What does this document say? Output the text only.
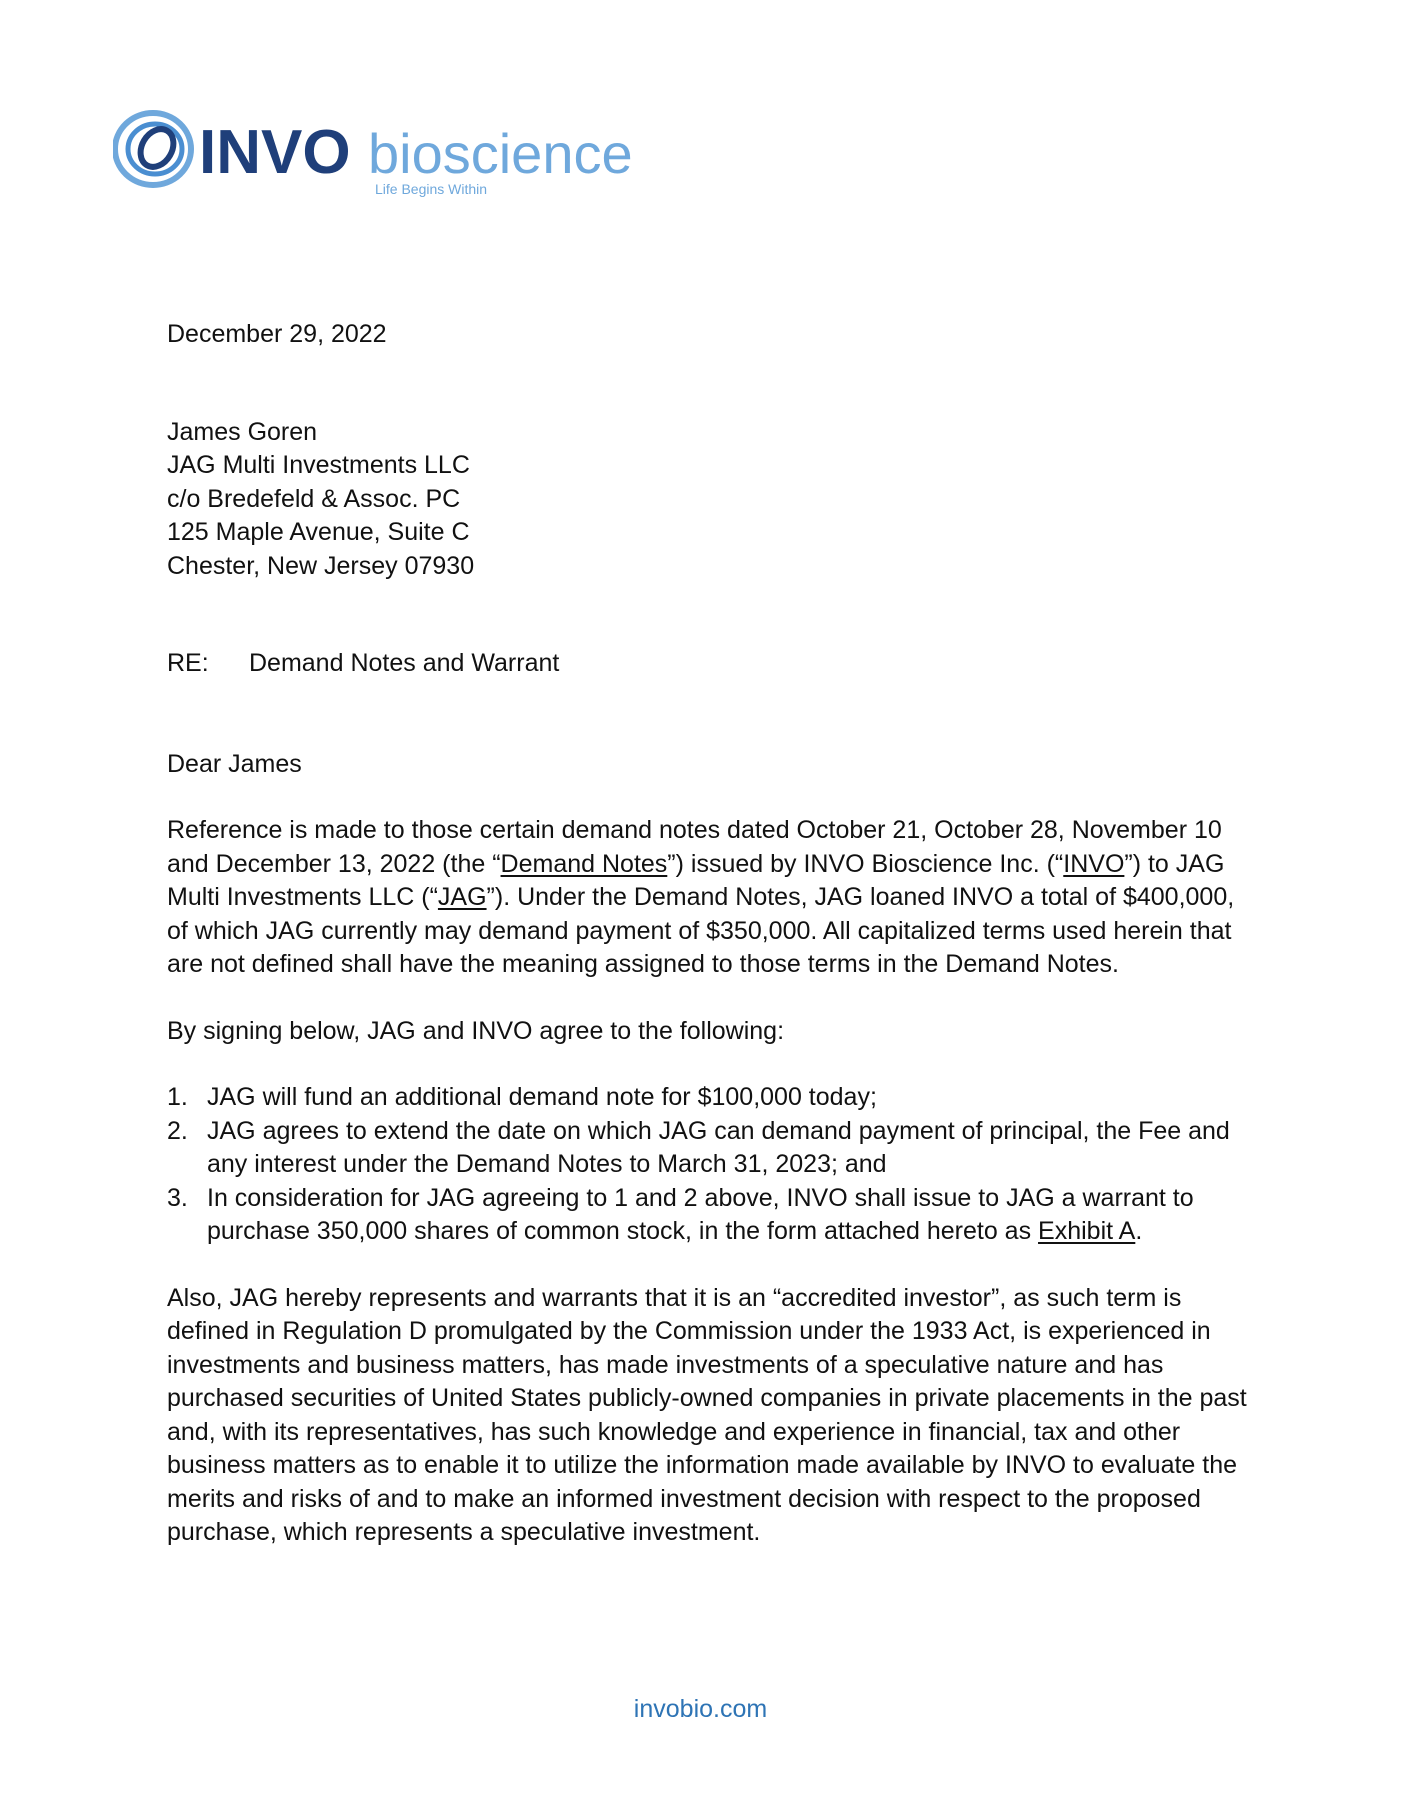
INVO bioscience
Life Begins Within

December 29, 2022

James Goren
JAG Multi Investments LLC
c/o Bredefeld & Assoc. PC
125 Maple Avenue, Suite C
Chester, New Jersey 07930
RE:	Demand Notes and Warrant

Dear James

Reference is made to those certain demand notes dated October 21, October 28, November 10 and December 13, 2022 (the “Demand Notes”) issued by INVO Bioscience Inc. (“INVO”) to JAG Multi Investments LLC (“JAG”). Under the Demand Notes, JAG loaned INVO a total of $400,000, of which JAG currently may demand payment of $350,000. All capitalized terms used herein that are not defined shall have the meaning assigned to those terms in the Demand Notes.

By signing below, JAG and INVO agree to the following:

1. JAG will fund an additional demand note for $100,000 today;
2. JAG agrees to extend the date on which JAG can demand payment of principal, the Fee and any interest under the Demand Notes to March 31, 2023; and
3. In consideration for JAG agreeing to 1 and 2 above, INVO shall issue to JAG a warrant to purchase 350,000 shares of common stock, in the form attached hereto as Exhibit A.

Also, JAG hereby represents and warrants that it is an “accredited investor”, as such term is defined in Regulation D promulgated by the Commission under the 1933 Act, is experienced in investments and business matters, has made investments of a speculative nature and has purchased securities of United States publicly-owned companies in private placements in the past and, with its representatives, has such knowledge and experience in financial, tax and other business matters as to enable it to utilize the information made available by INVO to evaluate the merits and risks of and to make an informed investment decision with respect to the proposed purchase, which represents a speculative investment.

invobio.com
